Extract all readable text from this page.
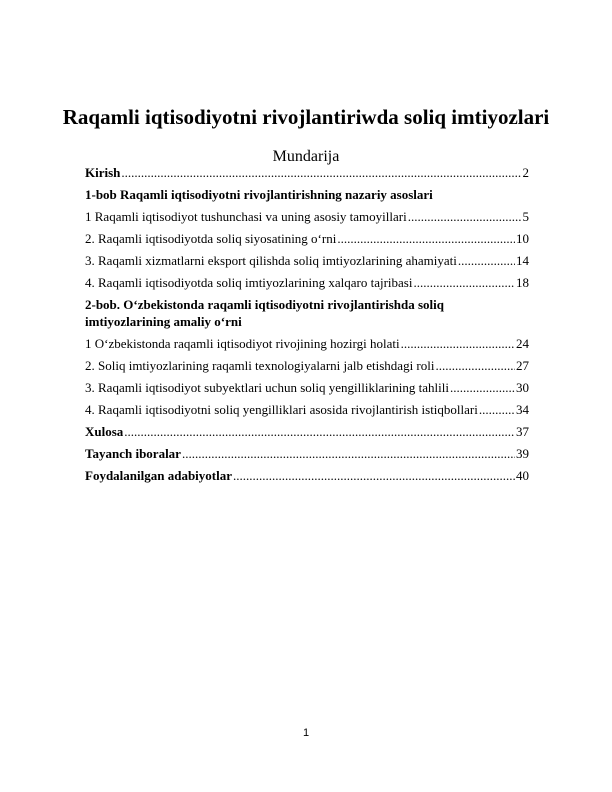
Raqamli iqtisodiyotni rivojlantiriwda soliq imtiyozlari
Mundarija
Kirish .....	2
1-bob Raqamli iqtisodiyotni rivojlantirishning nazariy asoslari
1 Raqamli iqtisodiyot tushunchasi va uning asosiy tamoyillari .....	5
2. Raqamli iqtisodiyotda soliq siyosatining o‘rni .....	10
3. Raqamli xizmatlarni eksport qilishda soliq imtiyozlarining ahamiyati .....	14
4. Raqamli iqtisodiyotda soliq imtiyozlarining xalqaro tajribasi .....	18
2-bob. O‘zbekistonda raqamli iqtisodiyotni rivojlantirishda soliq imtiyozlarining amaliy o‘rni
1 O‘zbekistonda raqamli iqtisodiyot rivojining hozirgi holati .....	24
2. Soliq imtiyozlarining raqamli texnologiyalarni jalb etishdagi roli .....	27
3. Raqamli iqtisodiyot subyektlari uchun soliq yengilliklarining tahlili .....	30
4. Raqamli iqtisodiyotni soliq yengilliklari asosida rivojlantirish istiqbollari .....	34
Xulosa .....	37
Tayanch iboralar .....	39
Foydalanilgan adabiyotlar .....	40
1
